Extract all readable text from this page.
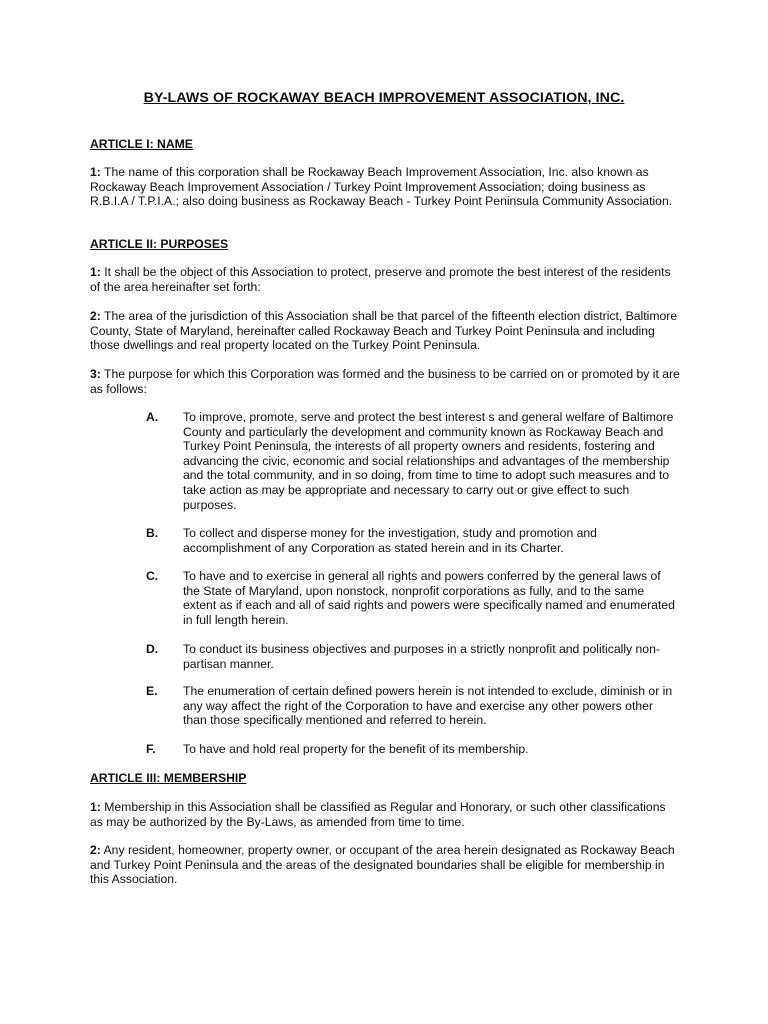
BY-LAWS OF ROCKAWAY BEACH IMPROVEMENT ASSOCIATION, INC.
ARTICLE I: NAME

1: The name of this corporation shall be Rockaway Beach Improvement Association, Inc. also known as Rockaway Beach Improvement Association / Turkey Point Improvement Association; doing business as R.B.I.A / T.P.I.A.; also doing business as Rockaway Beach - Turkey Point Peninsula Community Association.

ARTICLE II: PURPOSES

1: It shall be the object of this Association to protect, preserve and promote the best interest of the residents of the area hereinafter set forth:

2: The area of the jurisdiction of this Association shall be that parcel of the fifteenth election district, Baltimore County, State of Maryland, hereinafter called Rockaway Beach and Turkey Point Peninsula and including those dwellings and real property located on the Turkey Point Peninsula.

3: The purpose for which this Corporation was formed and the business to be carried on or promoted by it are as follows:

A. To improve, promote, serve and protect the best interest s and general welfare of Baltimore County and particularly the development and community known as Rockaway Beach and Turkey Point Peninsula, the interests of all property owners and residents, fostering and advancing the civic, economic and social relationships and advantages of the membership and the total community, and in so doing, from time to time to adopt such measures and to take action as may be appropriate and necessary to carry out or give effect to such purposes.
B. To collect and disperse money for the investigation, study and promotion and accomplishment of any Corporation as stated herein and in its Charter.
C. To have and to exercise in general all rights and powers conferred by the general laws of the State of Maryland, upon nonstock, nonprofit corporations as fully, and to the same extent as if each and all of said rights and powers were specifically named and enumerated in full length herein.
D. To conduct its business objectives and purposes in a strictly nonprofit and politically non-partisan manner.
E. The enumeration of certain defined powers herein is not intended to exclude, diminish or in any way affect the right of the Corporation to have and exercise any other powers other than those specifically mentioned and referred to herein.
F. To have and hold real property for the benefit of its membership.
ARTICLE III: MEMBERSHIP

1: Membership in this Association shall be classified as Regular and Honorary, or such other classifications as may be authorized by the By-Laws, as amended from time to time.

2: Any resident, homeowner, property owner, or occupant of the area herein designated as Rockaway Beach and Turkey Point Peninsula and the areas of the designated boundaries shall be eligible for membership in this Association.
